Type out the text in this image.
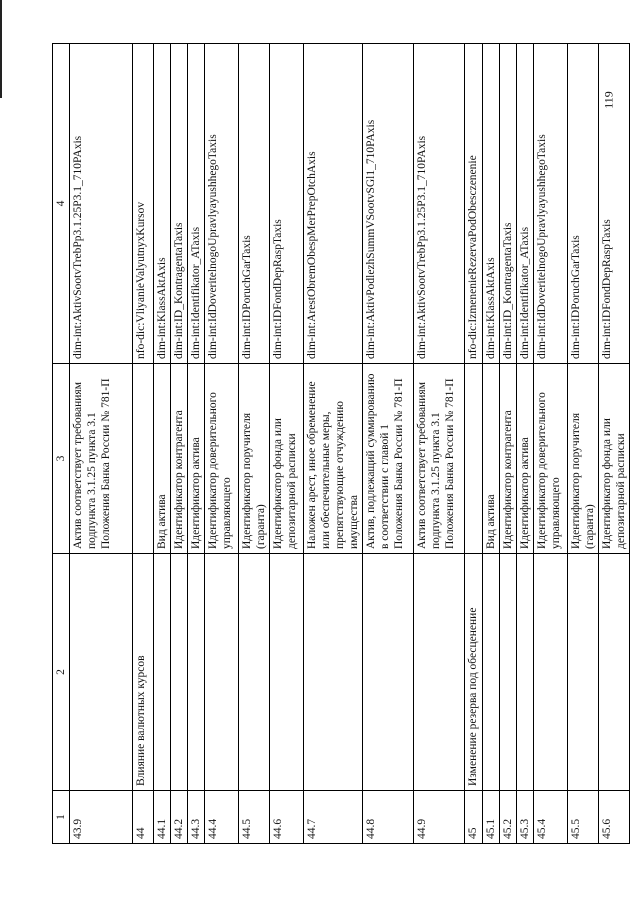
119
1	2	3	4
43.9		Актив соответствует требованиям подпункта 3.1.25 пункта 3.1 Положения Банка России № 781-П	dim-int:AktivSootvTrebPp3.1.25P3.1_710PAxis
44	Влияние валютных курсов		nfo-dic:VliyanieValyutnyxKursov
44.1		Вид актива	dim-int:KlassAktAxis
44.2		Идентификатор контрагента	dim-int:ID_KontragentaTaxis
44.3		Идентификатор актива	dim-int:Identifikator_ATaxis
44.4		Идентификатор доверительного управляющего	dim-int:IdDoveritelnogoUpravlyayushhegoTaxis
44.5		Идентификатор поручителя (гаранта)	dim-int:IDPoruchGarTaxis
44.6		Идентификатор фонда или депозитарной расписки	dim-int:IDFondDepRaspTaxis
44.7		Наложен арест, иное обременение или обеспечительные меры, препятствующие отчуждению имущества	dim-int:ArestObremObespMerPrepOtchAxis
44.8		Актив, подлежащий суммированию в соответствии с главой 1 Положения Банка России № 781-П	dim-int:AktivPodlezhSummVSootvSGl1_710PAxis
44.9		Актив соответствует требованиям подпункта 3.1.25 пункта 3.1 Положения Банка России № 781-П	dim-int:AktivSootvTrebPp3.1.25P3.1_710PAxis
45	Изменение резерва под обесценение		nfo-dic:IzmenenieRezervaPodObesczenenie
45.1		Вид актива	dim-int:KlassAktAxis
45.2		Идентификатор контрагента	dim-int:ID_KontragentaTaxis
45.3		Идентификатор актива	dim-int:Identifikator_ATaxis
45.4		Идентификатор доверительного управляющего	dim-int:IdDoveritelnogoUpravlyayushhegoTaxis
45.5		Идентификатор поручителя (гаранта)	dim-int:IDPoruchGarTaxis
45.6		Идентификатор фонда или депозитарной расписки	dim-int:IDFondDepRaspTaxis
